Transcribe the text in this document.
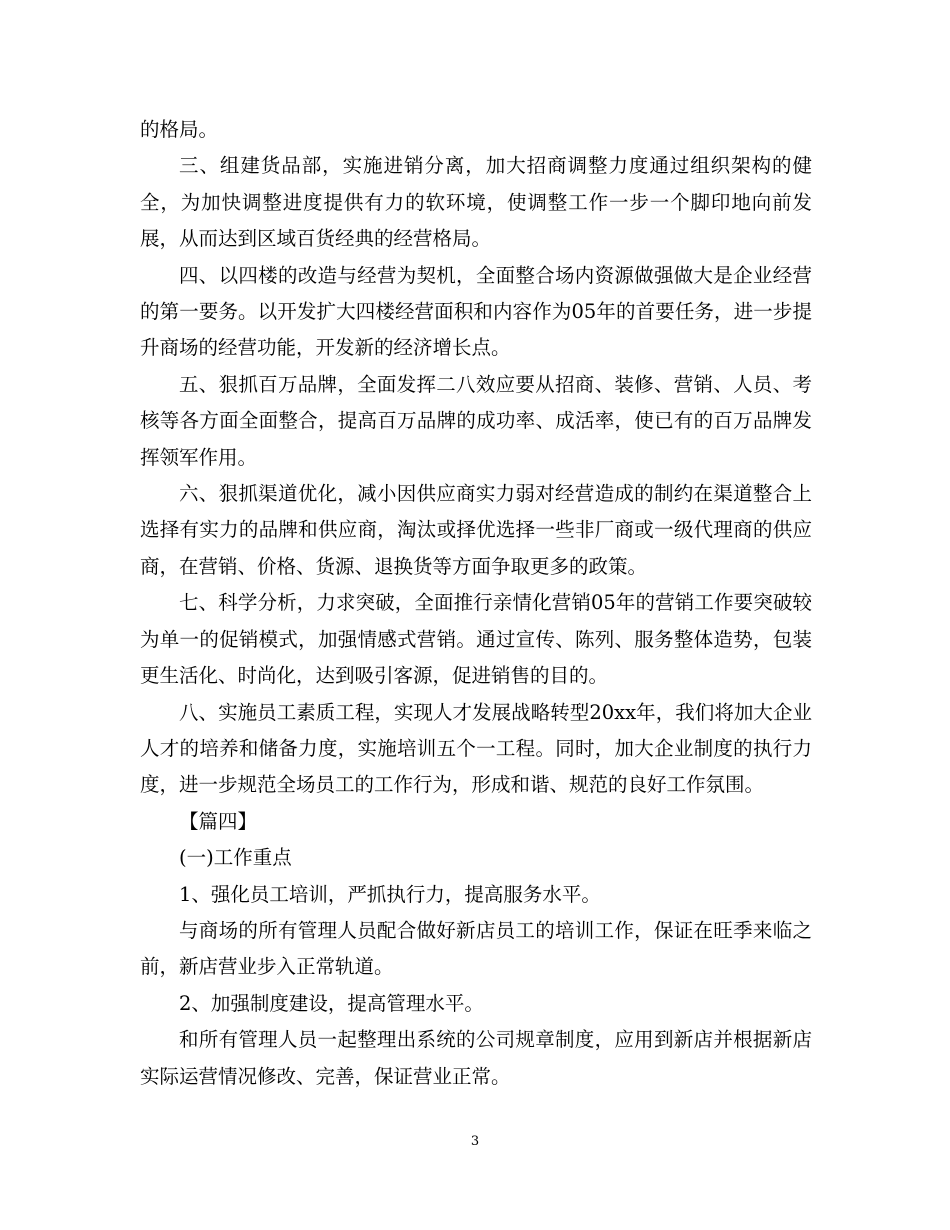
的格局。

三、组建货品部，实施进销分离，加大招商调整力度通过组织架构的健全，为加快调整进度提供有力的软环境，使调整工作一步一个脚印地向前发展，从而达到区域百货经典的经营格局。

四、以四楼的改造与经营为契机，全面整合场内资源做强做大是企业经营的第一要务。以开发扩大四楼经营面积和内容作为05年的首要任务，进一步提升商场的经营功能，开发新的经济增长点。

五、狠抓百万品牌，全面发挥二八效应要从招商、装修、营销、人员、考核等各方面全面整合，提高百万品牌的成功率、成活率，使已有的百万品牌发挥领军作用。

六、狠抓渠道优化，减小因供应商实力弱对经营造成的制约在渠道整合上选择有实力的品牌和供应商，淘汰或择优选择一些非厂商或一级代理商的供应商，在营销、价格、货源、退换货等方面争取更多的政策。

七、科学分析，力求突破，全面推行亲情化营销05年的营销工作要突破较为单一的促销模式，加强情感式营销。通过宣传、陈列、服务整体造势，包装更生活化、时尚化，达到吸引客源，促进销售的目的。

八、实施员工素质工程，实现人才发展战略转型20xx年，我们将加大企业人才的培养和储备力度，实施培训五个一工程。同时，加大企业制度的执行力度，进一步规范全场员工的工作行为，形成和谐、规范的良好工作氛围。

【篇四】

(一)工作重点

1、强化员工培训，严抓执行力，提高服务水平。

与商场的所有管理人员配合做好新店员工的培训工作，保证在旺季来临之前，新店营业步入正常轨道。

2、加强制度建设，提高管理水平。

和所有管理人员一起整理出系统的公司规章制度，应用到新店并根据新店实际运营情况修改、完善，保证营业正常。

3
